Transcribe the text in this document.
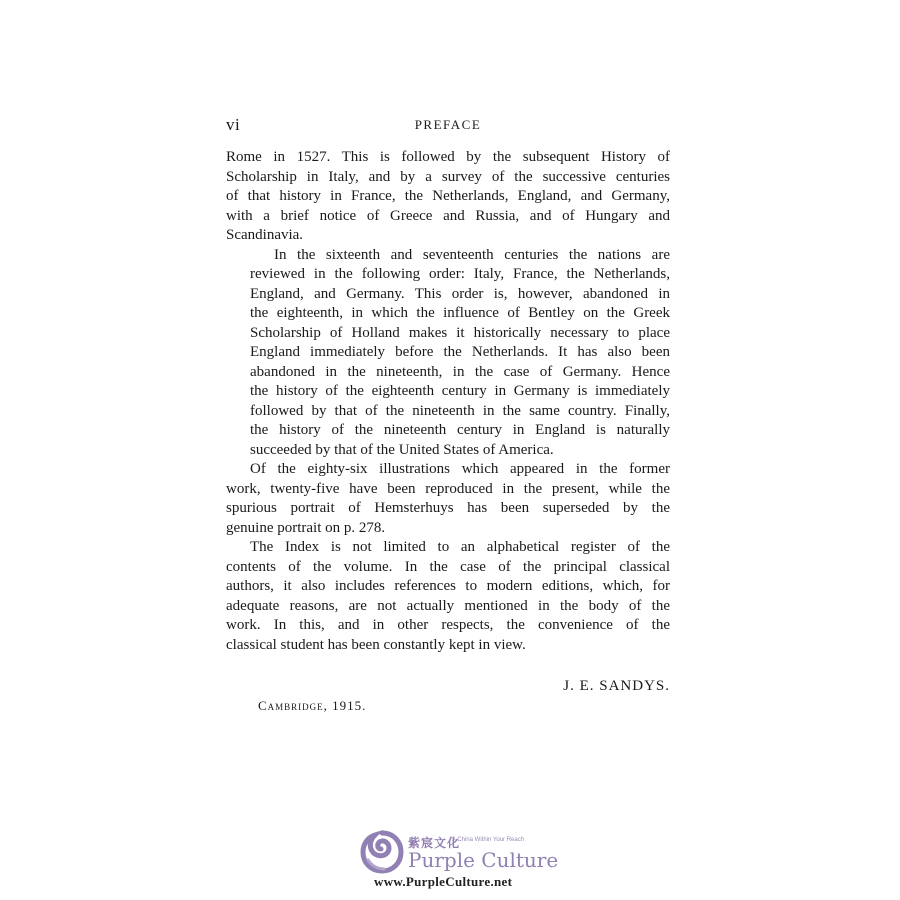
vi	PREFACE

Rome in 1527. This is followed by the subsequent History of
Scholarship in Italy, and by a survey of the successive centuries
of that history in France, the Netherlands, England, and Germany,
with a brief notice of Greece and Russia, and of Hungary and
Scandinavia.

In the sixteenth and seventeenth centuries the nations are
reviewed in the following order: Italy, France, the Netherlands,
England, and Germany. This order is, however, abandoned in
the eighteenth, in which the influence of Bentley on the Greek
Scholarship of Holland makes it historically necessary to place
England immediately before the Netherlands. It has also been
abandoned in the nineteenth, in the case of Germany. Hence
the history of the eighteenth century in Germany is immediately
followed by that of the nineteenth in the same country. Finally,
the history of the nineteenth century in England is naturally
succeeded by that of the United States of America.

Of the eighty-six illustrations which appeared in the former
work, twenty-five have been reproduced in the present, while the
spurious portrait of Hemsterhuys has been superseded by the
genuine portrait on p. 278.

The Index is not limited to an alphabetical register of the
contents of the volume. In the case of the principal classical
authors, it also includes references to modern editions, which, for
adequate reasons, are not actually mentioned in the body of the
work. In this, and in other respects, the convenience of the
classical student has been constantly kept in view.

J. E. SANDYS.
Cambridge, 1915.
紫宸文化
A China Within Your Reach
Purple Culture
www.PurpleCulture.net
